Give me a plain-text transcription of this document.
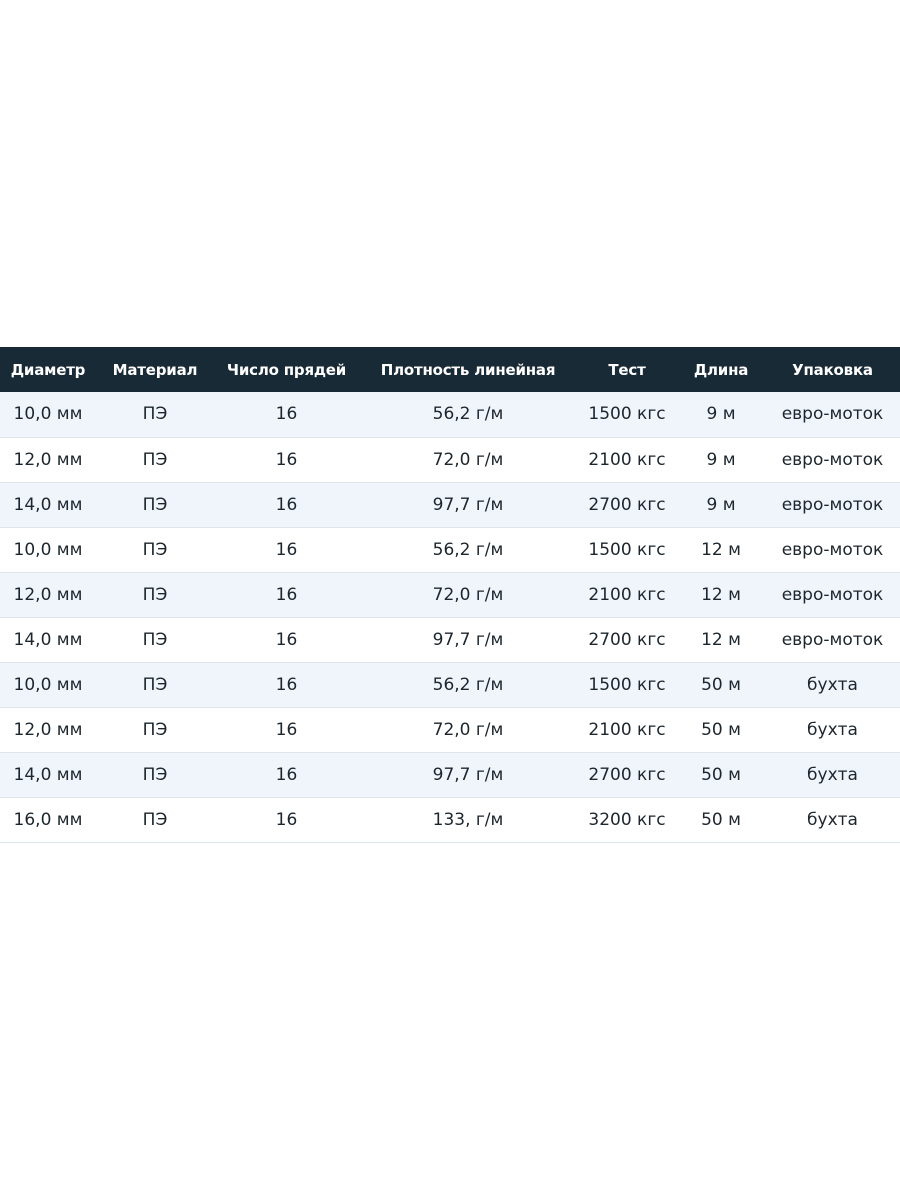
Диаметр	Материал	Число прядей	Плотность линейная	Тест	Длина	Упаковка
10,0 мм	ПЭ	16	56,2 г/м	1500 кгс	9 м	евро-моток
12,0 мм	ПЭ	16	72,0 г/м	2100 кгс	9 м	евро-моток
14,0 мм	ПЭ	16	97,7 г/м	2700 кгс	9 м	евро-моток
10,0 мм	ПЭ	16	56,2 г/м	1500 кгс	12 м	евро-моток
12,0 мм	ПЭ	16	72,0 г/м	2100 кгс	12 м	евро-моток
14,0 мм	ПЭ	16	97,7 г/м	2700 кгс	12 м	евро-моток
10,0 мм	ПЭ	16	56,2 г/м	1500 кгс	50 м	бухта
12,0 мм	ПЭ	16	72,0 г/м	2100 кгс	50 м	бухта
14,0 мм	ПЭ	16	97,7 г/м	2700 кгс	50 м	бухта
16,0 мм	ПЭ	16	133, г/м	3200 кгс	50 м	бухта
